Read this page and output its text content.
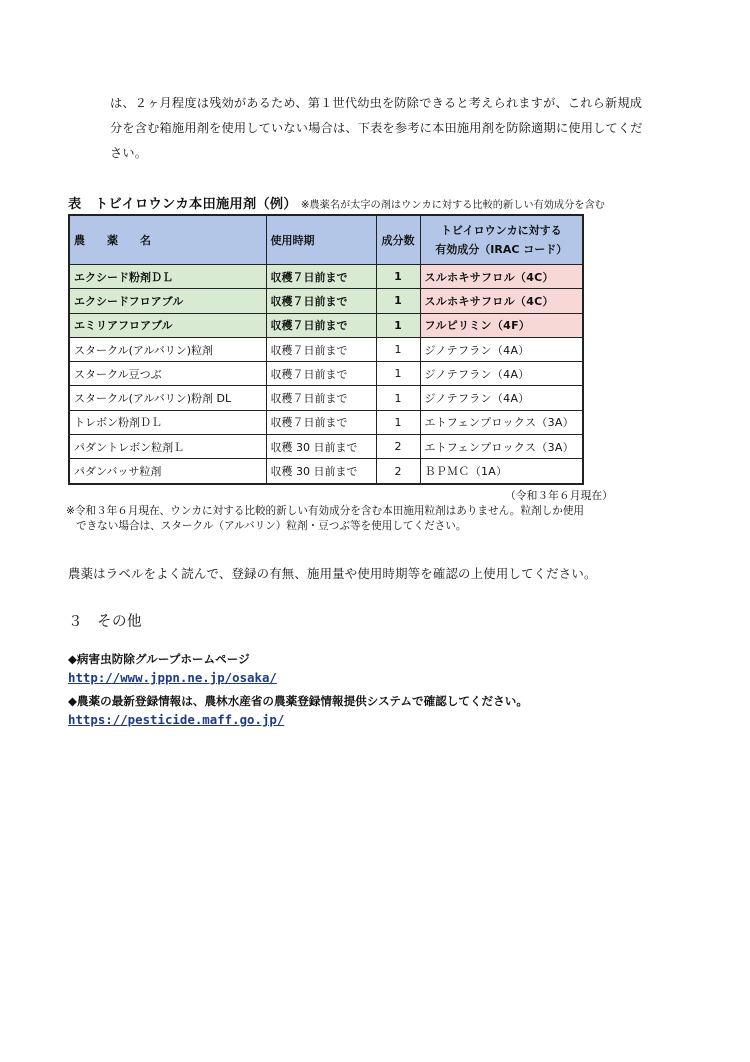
は、２ヶ月程度は残効があるため、第１世代幼虫を防除できると考えられますが、これら新規成

分を含む箱施用剤を使用していない場合は、下表を参考に本田施用剤を防除適期に使用してくだ

さい。

表　トビイロウンカ本田施用剤（例） ※農薬名が太字の剤はウンカに対する比較的新しい有効成分を含む
農　　薬　　名	使用時期	成分数	トビイロウンカに対する
有効成分（IRAC コード）

エクシード粉剤ＤＬ	収穫７日前まで	1	スルホキサフロル（4C）
エクシードフロアブル	収穫７日前まで	1	スルホキサフロル（4C）
エミリアフロアブル	収穫７日前まで	1	フルピリミン（4F）
スタークル(アルバリン)粒剤	収穫７日前まで	1	ジノテフラン（4A）
スタークル豆つぶ	収穫７日前まで	1	ジノテフラン（4A）
スタークル(アルバリン)粉剤 DL	収穫７日前まで	1	ジノテフラン（4A）
トレボン粉剤ＤＬ	収穫７日前まで	1	エトフェンプロックス（3A）
パダントレボン粒剤Ｌ	収穫 30 日前まで	2	エトフェンプロックス（3A）
パダンバッサ粒剤	収穫 30 日前まで	2	ＢＰＭＣ（1A）
（令和３年６月現在）

※令和３年６月現在、ウンカに対する比較的新しい有効成分を含む本田施用粒剤はありません。粒剤しか使用

できない場合は、スタークル（アルバリン）粒剤・豆つぶ等を使用してください。

農薬はラベルをよく読んで、登録の有無、施用量や使用時期等を確認の上使用してください。
３ その他

◆病害虫防除グループホームページ

http://www.jppn.ne.jp/osaka/

◆農薬の最新登録情報は、農林水産省の農薬登録情報提供システムで確認してください。

https://pesticide.maff.go.jp/
